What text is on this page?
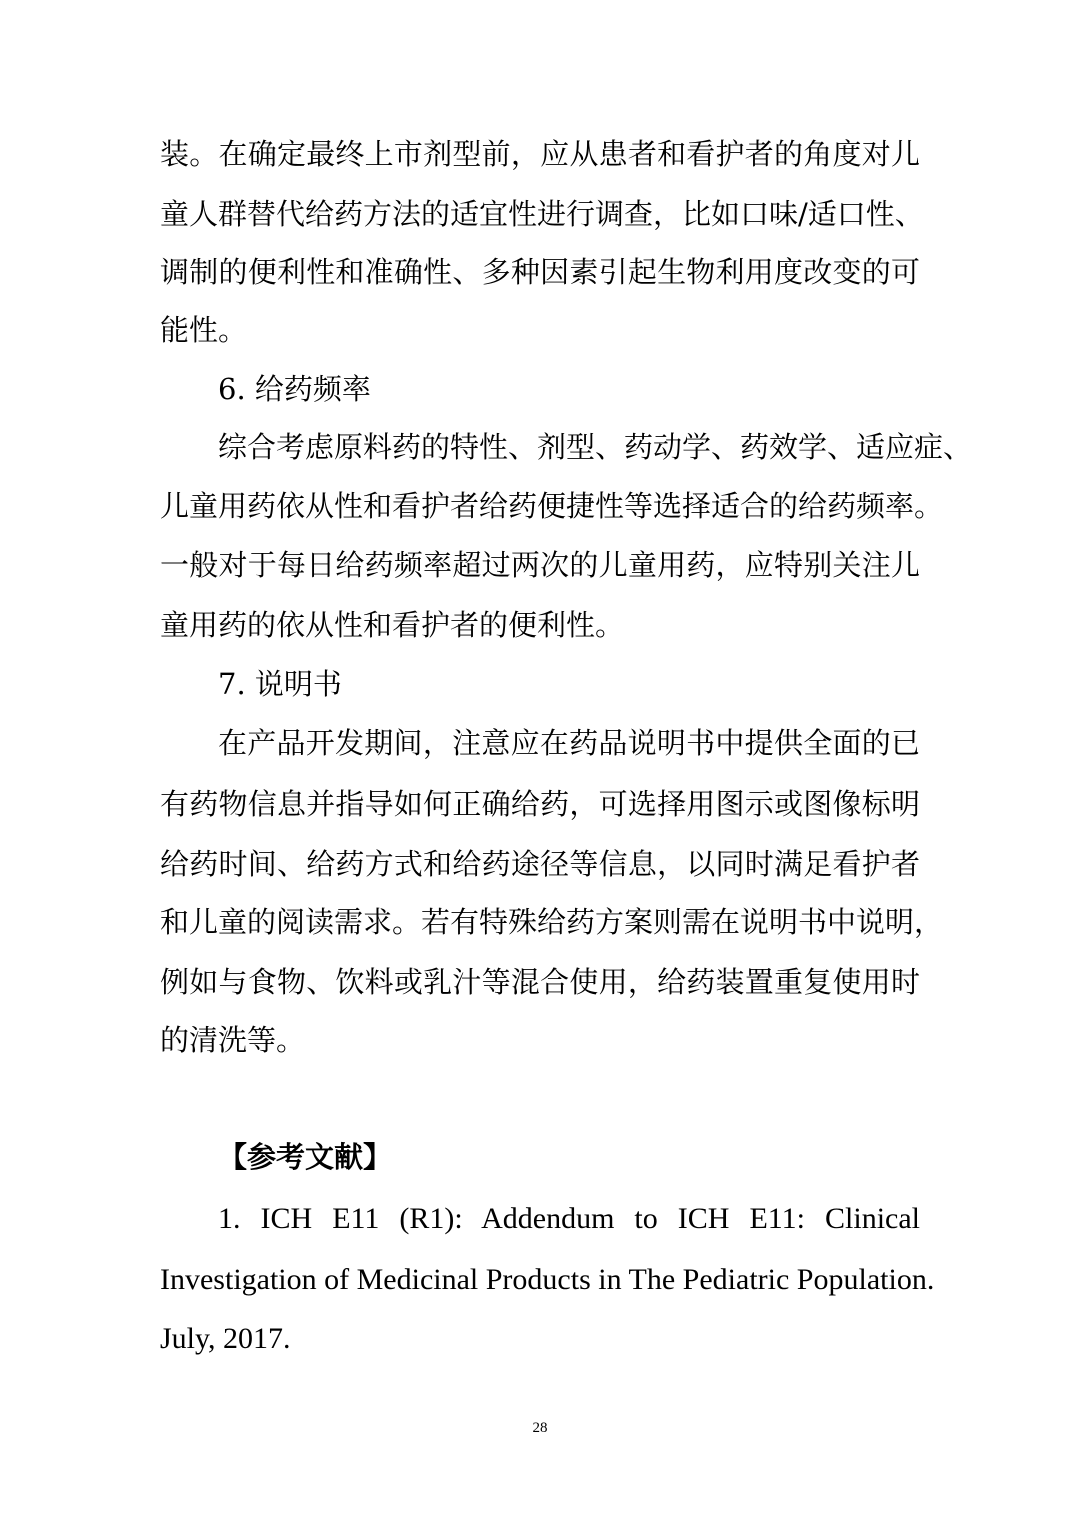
装。在确定最终上市剂型前，应从患者和看护者的角度对儿
童人群替代给药方法的适宜性进行调查，比如口味/适口性、
调制的便利性和准确性、多种因素引起生物利用度改变的可
能性。
6. 给药频率
综合考虑原料药的特性、剂型、药动学、药效学、适应症、
儿童用药依从性和看护者给药便捷性等选择适合的给药频率。
一般对于每日给药频率超过两次的儿童用药，应特别关注儿
童用药的依从性和看护者的便利性。
7. 说明书
在产品开发期间，注意应在药品说明书中提供全面的已
有药物信息并指导如何正确给药，可选择用图示或图像标明
给药时间、给药方式和给药途径等信息，以同时满足看护者
和儿童的阅读需求。若有特殊给药方案则需在说明书中说明，
例如与食物、饮料或乳汁等混合使用，给药装置重复使用时
的清洗等。
【参考文献】
1. ICH E11 (R1): Addendum to ICH E11: Clinical
Investigation of Medicinal Products in The Pediatric Population.
July, 2017.
28
